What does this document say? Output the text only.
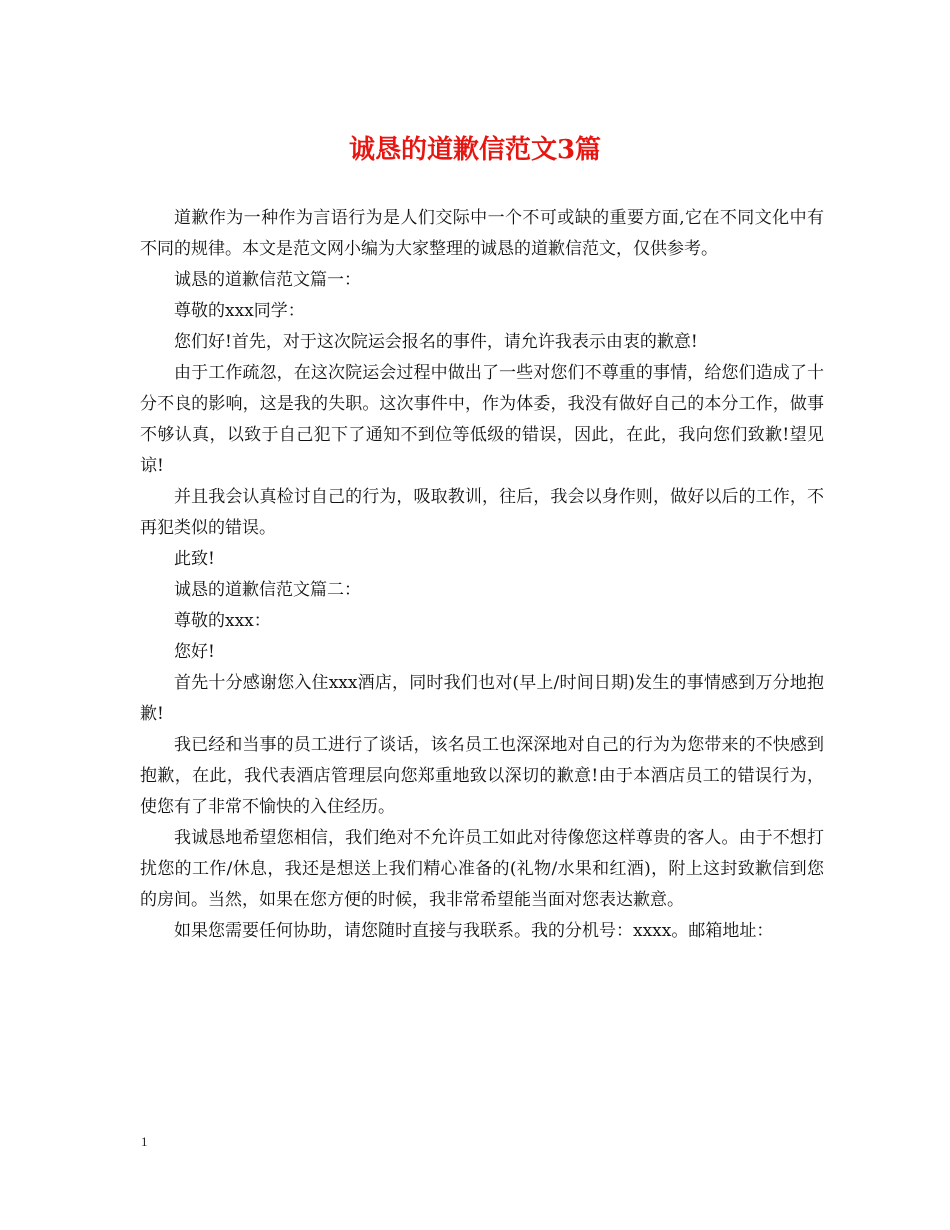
诚恳的道歉信范文3篇

道歉作为一种作为言语行为是人们交际中一个不可或缺的重要方面,它在不同文化中有不同的规律。本文是范文网小编为大家整理的诚恳的道歉信范文，仅供参考。

诚恳的道歉信范文篇一：

尊敬的xxx同学：

您们好!首先，对于这次院运会报名的事件，请允许我表示由衷的歉意!

由于工作疏忽，在这次院运会过程中做出了一些对您们不尊重的事情，给您们造成了十分不良的影响，这是我的失职。这次事件中，作为体委，我没有做好自己的本分工作，做事不够认真，以致于自己犯下了通知不到位等低级的错误，因此，在此，我向您们致歉!望见谅!

并且我会认真检讨自己的行为，吸取教训，往后，我会以身作则，做好以后的工作，不再犯类似的错误。

此致!

诚恳的道歉信范文篇二：

尊敬的xxx：

您好!

首先十分感谢您入住xxx酒店，同时我们也对(早上/时间日期)发生的事情感到万分地抱歉!

我已经和当事的员工进行了谈话，该名员工也深深地对自己的行为为您带来的不快感到抱歉，在此，我代表酒店管理层向您郑重地致以深切的歉意!由于本酒店员工的错误行为，使您有了非常不愉快的入住经历。

我诚恳地希望您相信，我们绝对不允许员工如此对待像您这样尊贵的客人。由于不想打扰您的工作/休息，我还是想送上我们精心准备的(礼物/水果和红酒)，附上这封致歉信到您的房间。当然，如果在您方便的时候，我非常希望能当面对您表达歉意。

如果您需要任何协助，请您随时直接与我联系。我的分机号：xxxx。邮箱地址：

1
